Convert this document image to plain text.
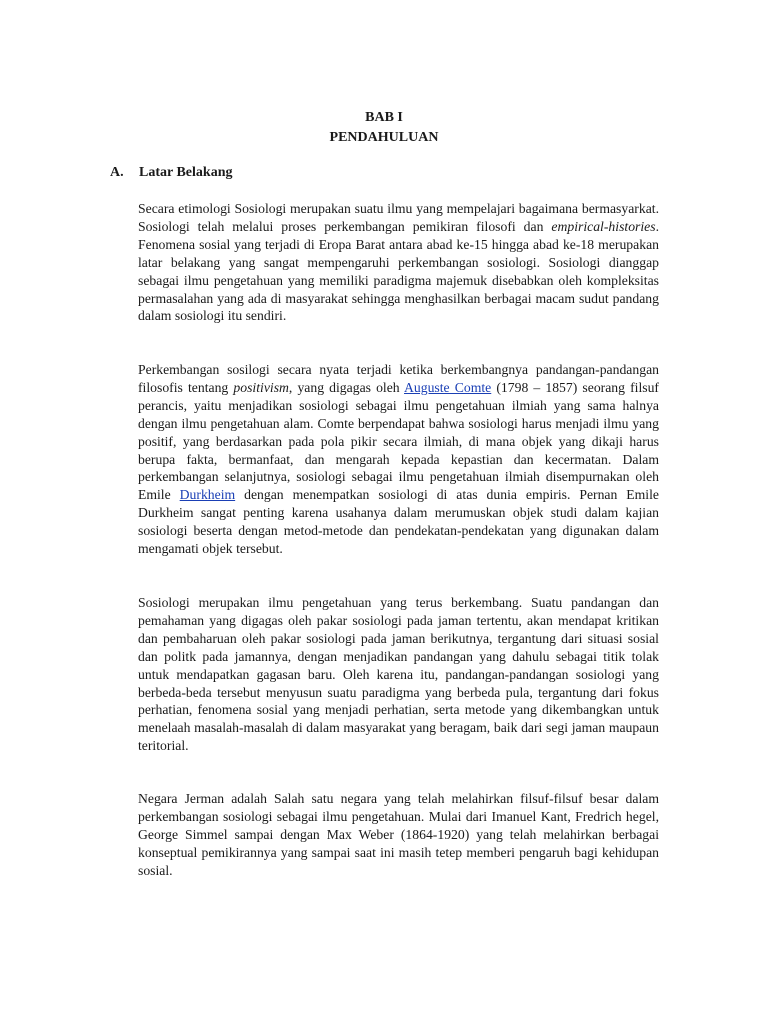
BAB I
PENDAHULUAN
A. Latar Belakang

Secara etimologi Sosiologi merupakan suatu ilmu yang mempelajari bagaimana bermasyarkat. Sosiologi telah melalui proses perkembangan pemikiran filosofi dan empirical-histories. Fenomena sosial yang terjadi di Eropa Barat antara abad ke-15 hingga abad ke-18 merupakan latar belakang yang sangat mempengaruhi perkembangan sosiologi. Sosiologi dianggap sebagai ilmu pengetahuan yang memiliki paradigma majemuk disebabkan oleh kompleksitas permasalahan yang ada di masyarakat sehingga menghasilkan berbagai macam sudut pandang dalam sosiologi itu sendiri.

Perkembangan sosilogi secara nyata terjadi ketika berkembangnya pandangan-pandangan filosofis tentang positivism, yang digagas oleh Auguste Comte (1798 – 1857) seorang filsuf perancis, yaitu menjadikan sosiologi sebagai ilmu pengetahuan ilmiah yang sama halnya dengan ilmu pengetahuan alam. Comte berpendapat bahwa sosiologi harus menjadi ilmu yang positif, yang berdasarkan pada pola pikir secara ilmiah, di mana objek yang dikaji harus berupa fakta, bermanfaat, dan mengarah kepada kepastian dan kecermatan. Dalam perkembangan selanjutnya, sosiologi sebagai ilmu pengetahuan ilmiah disempurnakan oleh Emile Durkheim dengan menempatkan sosiologi di atas dunia empiris. Pernan Emile Durkheim sangat penting karena usahanya dalam merumuskan objek studi dalam kajian sosiologi beserta dengan metod-metode dan pendekatan-pendekatan yang digunakan dalam mengamati objek tersebut.

Sosiologi merupakan ilmu pengetahuan yang terus berkembang. Suatu pandangan dan pemahaman yang digagas oleh pakar sosiologi pada jaman tertentu, akan mendapat kritikan dan pembaharuan oleh pakar sosiologi pada jaman berikutnya, tergantung dari situasi sosial dan politk pada jamannya, dengan menjadikan pandangan yang dahulu sebagai titik tolak untuk mendapatkan gagasan baru. Oleh karena itu, pandangan-pandangan sosiologi yang berbeda-beda tersebut menyusun suatu paradigma yang berbeda pula, tergantung dari fokus perhatian, fenomena sosial yang menjadi perhatian, serta metode yang dikembangkan untuk menelaah masalah-masalah di dalam masyarakat yang beragam, baik dari segi jaman maupaun teritorial.

Negara Jerman adalah Salah satu negara yang telah melahirkan filsuf-filsuf besar dalam perkembangan sosiologi sebagai ilmu pengetahuan. Mulai dari Imanuel Kant, Fredrich hegel, George Simmel sampai dengan Max Weber (1864-1920) yang telah melahirkan berbagai konseptual pemikirannya yang sampai saat ini masih tetep memberi pengaruh bagi kehidupan sosial.
